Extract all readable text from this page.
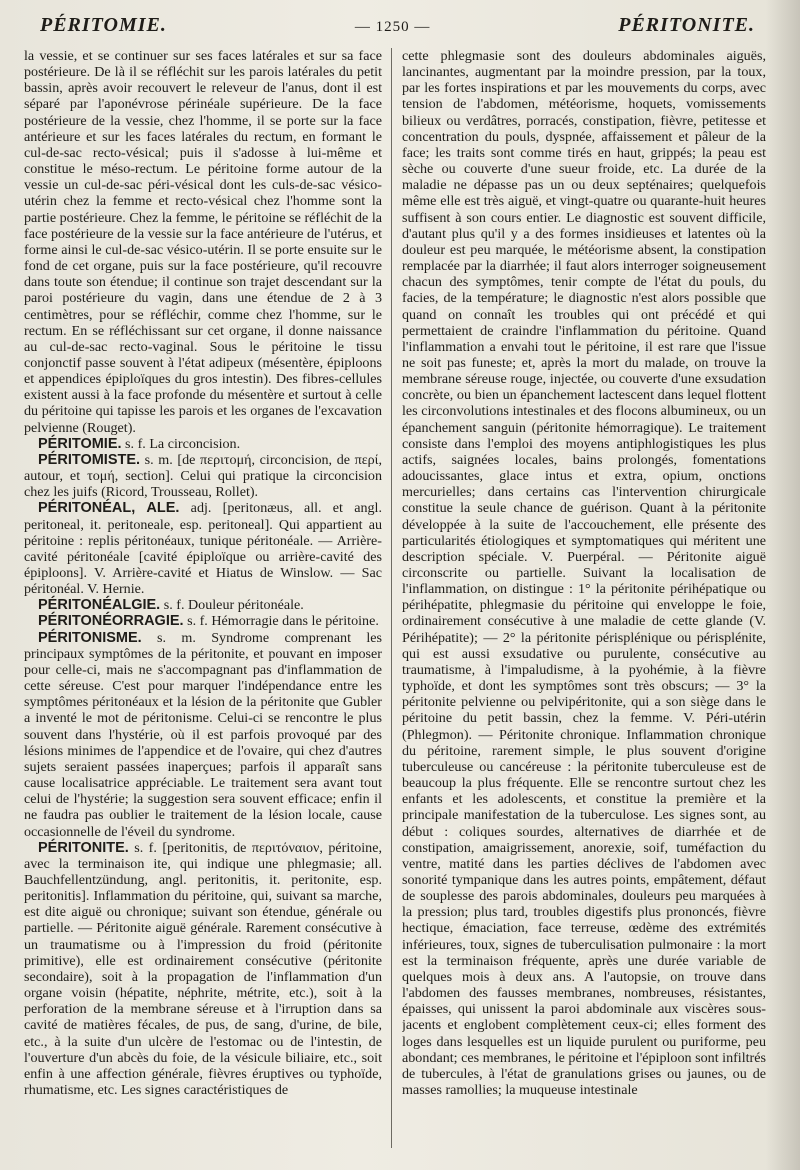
PÉRITOMIE.	— 1250 —	PÉRITONITE.

la vessie, et se continuer sur ses faces latérales et sur sa face postérieure. De là il se réfléchit sur les parois latérales du petit bassin, après avoir recouvert le releveur de l'anus, dont il est séparé par l'aponévrose périnéale supérieure. De la face postérieure de la vessie, chez l'homme, il se porte sur la face antérieure et sur les faces latérales du rectum, en formant le cul-de-sac recto-vésical; puis il s'adosse à lui-même et constitue le méso-rectum. Le péritoine forme autour de la vessie un cul-de-sac péri-vésical dont les culs-de-sac vésico-utérin chez la femme et recto-vésical chez l'homme sont la partie postérieure. Chez la femme, le péritoine se réfléchit de la face postérieure de la vessie sur la face antérieure de l'utérus, et forme ainsi le cul-de-sac vésico-utérin. Il se porte ensuite sur le fond de cet organe, puis sur la face postérieure, qu'il recouvre dans toute son étendue; il continue son trajet descendant sur la paroi postérieure du vagin, dans une étendue de 2 à 3 centimètres, pour se réfléchir, comme chez l'homme, sur le rectum. En se réfléchissant sur cet organe, il donne naissance au cul-de-sac recto-vaginal. Sous le péritoine le tissu conjonctif passe souvent à l'état adipeux (mésentère, épiploons et appendices épiploïques du gros intestin). Des fibres-cellules existent aussi à la face profonde du mésentère et surtout à celle du péritoine qui tapisse les parois et les organes de l'excavation pelvienne (Rouget).

PÉRITOMIE. s. f. La circoncision.

PÉRITOMISTE. s. m. [de περιτομή, circoncision, de περί, autour, et τομή, section]. Celui qui pratique la circoncision chez les juifs (Ricord, Trousseau, Rollet).

PÉRITONÉAL, ALE. adj. [peritonæus, all. et angl. peritoneal, it. peritoneale, esp. peritoneal]. Qui appartient au péritoine : replis péritonéaux, tunique péritonéale. — Arrière-cavité péritonéale [cavité épiploïque ou arrière-cavité des épiploons]. V. Arrière-cavité et Hiatus de Winslow. — Sac péritonéal. V. Hernie.

PÉRITONÉALGIE. s. f. Douleur péritonéale.

PÉRITONÉORRAGIE. s. f. Hémorragie dans le péritoine.

PÉRITONISME. s. m. Syndrome comprenant les principaux symptômes de la péritonite, et pouvant en imposer pour celle-ci, mais ne s'accompagnant pas d'inflammation de cette séreuse. C'est pour marquer l'indépendance entre les symptômes péritonéaux et la lésion de la péritonite que Gubler a inventé le mot de péritonisme. Celui-ci se rencontre le plus souvent dans l'hystérie, où il est parfois provoqué par des lésions minimes de l'appendice et de l'ovaire, qui chez d'autres sujets seraient passées inaperçues; parfois il apparaît sans cause localisatrice appréciable. Le traitement sera avant tout celui de l'hystérie; la suggestion sera souvent efficace; enfin il ne faudra pas oublier le traitement de la lésion locale, cause occasionnelle de l'éveil du syndrome.

PÉRITONITE. s. f. [peritonitis, de περιτόναιον, péritoine, avec la terminaison ite, qui indique une phlegmasie; all. Bauchfellentzündung, angl. peritonitis, it. peritonite, esp. peritonitis]. Inflammation du péritoine, qui, suivant sa marche, est dite aiguë ou chronique; suivant son étendue, générale ou partielle. — Péritonite aiguë générale. Rarement consécutive à un traumatisme ou à l'impression du froid (péritonite primitive), elle est ordinairement consécutive (péritonite secondaire), soit à la propagation de l'inflammation d'un organe voisin (hépatite, néphrite, métrite, etc.), soit à la perforation de la membrane séreuse et à l'irruption dans sa cavité de matières fécales, de pus, de sang, d'urine, de bile, etc., à la suite d'un ulcère de l'estomac ou de l'intestin, de l'ouverture d'un abcès du foie, de la vésicule biliaire, etc., soit enfin à une affection générale, fièvres éruptives ou typhoïde, rhumatisme, etc. Les signes caractéristiques de

cette phlegmasie sont des douleurs abdominales aiguës, lancinantes, augmentant par la moindre pression, par la toux, par les fortes inspirations et par les mouvements du corps, avec tension de l'abdomen, météorisme, hoquets, vomissements bilieux ou verdâtres, porracés, constipation, fièvre, petitesse et concentration du pouls, dyspnée, affaissement et pâleur de la face; les traits sont comme tirés en haut, grippés; la peau est sèche ou couverte d'une sueur froide, etc. La durée de la maladie ne dépasse pas un ou deux septénaires; quelquefois même elle est très aiguë, et vingt-quatre ou quarante-huit heures suffisent à son cours entier. Le diagnostic est souvent difficile, d'autant plus qu'il y a des formes insidieuses et latentes où la douleur est peu marquée, le météorisme absent, la constipation remplacée par la diarrhée; il faut alors interroger soigneusement chacun des symptômes, tenir compte de l'état du pouls, du facies, de la température; le diagnostic n'est alors possible que quand on connaît les troubles qui ont précédé et qui permettaient de craindre l'inflammation du péritoine. Quand l'inflammation a envahi tout le péritoine, il est rare que l'issue ne soit pas funeste; et, après la mort du malade, on trouve la membrane séreuse rouge, injectée, ou couverte d'une exsudation concrète, ou bien un épanchement lactescent dans lequel flottent les circonvolutions intestinales et des flocons albumineux, ou un épanchement sanguin (péritonite hémorragique). Le traitement consiste dans l'emploi des moyens antiphlogistiques les plus actifs, saignées locales, bains prolongés, fomentations adoucissantes, glace intus et extra, opium, onctions mercurielles; dans certains cas l'intervention chirurgicale constitue la seule chance de guérison. Quant à la péritonite développée à la suite de l'accouchement, elle présente des particularités étiologiques et symptomatiques qui méritent une description spéciale. V. Puerpéral. — Péritonite aiguë circonscrite ou partielle. Suivant la localisation de l'inflammation, on distingue : 1° la péritonite périhépatique ou périhépatite, phlegmasie du péritoine qui enveloppe le foie, ordinairement consécutive à une maladie de cette glande (V. Périhépatite); — 2° la péritonite périsplénique ou périsplénite, qui est aussi exsudative ou purulente, consécutive au traumatisme, à l'impaludisme, à la pyohémie, à la fièvre typhoïde, et dont les symptômes sont très obscurs; — 3° la péritonite pelvienne ou pelvipéritonite, qui a son siège dans le péritoine du petit bassin, chez la femme. V. Péri-utérin (Phlegmon). — Péritonite chronique. Inflammation chronique du péritoine, rarement simple, le plus souvent d'origine tuberculeuse ou cancéreuse : la péritonite tuberculeuse est de beaucoup la plus fréquente. Elle se rencontre surtout chez les enfants et les adolescents, et constitue la première et la principale manifestation de la tuberculose. Les signes sont, au début : coliques sourdes, alternatives de diarrhée et de constipation, amaigrissement, anorexie, soif, tuméfaction du ventre, matité dans les parties déclives de l'abdomen avec sonorité tympanique dans les autres points, empâtement, défaut de souplesse des parois abdominales, douleurs peu marquées à la pression; plus tard, troubles digestifs plus prononcés, fièvre hectique, émaciation, face terreuse, œdème des extrémités inférieures, toux, signes de tuberculisation pulmonaire : la mort est la terminaison fréquente, après une durée variable de quelques mois à deux ans. A l'autopsie, on trouve dans l'abdomen des fausses membranes, nombreuses, résistantes, épaisses, qui unissent la paroi abdominale aux viscères sous-jacents et englobent complètement ceux-ci; elles forment des loges dans lesquelles est un liquide purulent ou puriforme, peu abondant; ces membranes, le péritoine et l'épiploon sont infiltrés de tubercules, à l'état de granulations grises ou jaunes, ou de masses ramollies; la muqueuse intestinale
